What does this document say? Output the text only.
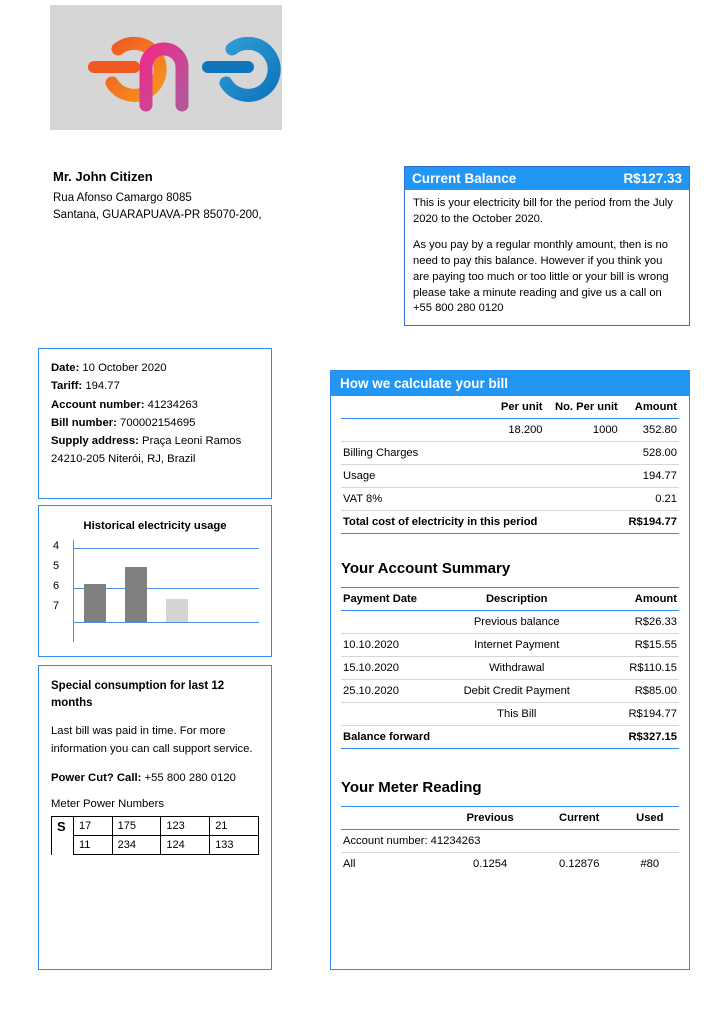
Mr. John Citizen
Rua Afonso Camargo 8085
Santana, GUARAPUAVA-PR 85070-200,
Current Balance	R$127.33

This is your electricity bill for the period from the July 2020 to the October 2020.

As you pay by a regular monthly amount, then is no need to pay this balance. However if you think you are paying too much or too little or your bill is wrong please take a minute reading and give us a call on +55 800 280 0120

Date: 10 October 2020
Tariff: 194.77
Account number: 41234263
Bill number: 700002154695
Supply address: Praça Leoni Ramos
24210-205 Niterói, RJ, Brazil
Historical electricity usage
4
5
6
7
Special consumption for last 12 months
Last bill was paid in time. For more information you can call support service.
Power Cut? Call: +55 800 280 0120
Meter Power Numbers
S	17	175	123	21
	11	234	124	133
How we calculate your bill
	Per unit	No. Per unit	Amount
	18.200	1000	352.80
Billing Charges			528.00
Usage			194.77
VAT 8%			0.21
Total cost of electricity in this period			R$194.77
Your Account Summary
Payment Date	Description	Amount
	Previous balance	R$26.33
10.10.2020	Internet Payment	R$15.55
15.10.2020	Withdrawal	R$110.15
25.10.2020	Debit Credit Payment	R$85.00
	This Bill	R$194.77
Balance forward		R$327.15
Your Meter Reading
	Previous	Current	Used
Account number: 41234263			
All	0.1254	0.12876	#80
